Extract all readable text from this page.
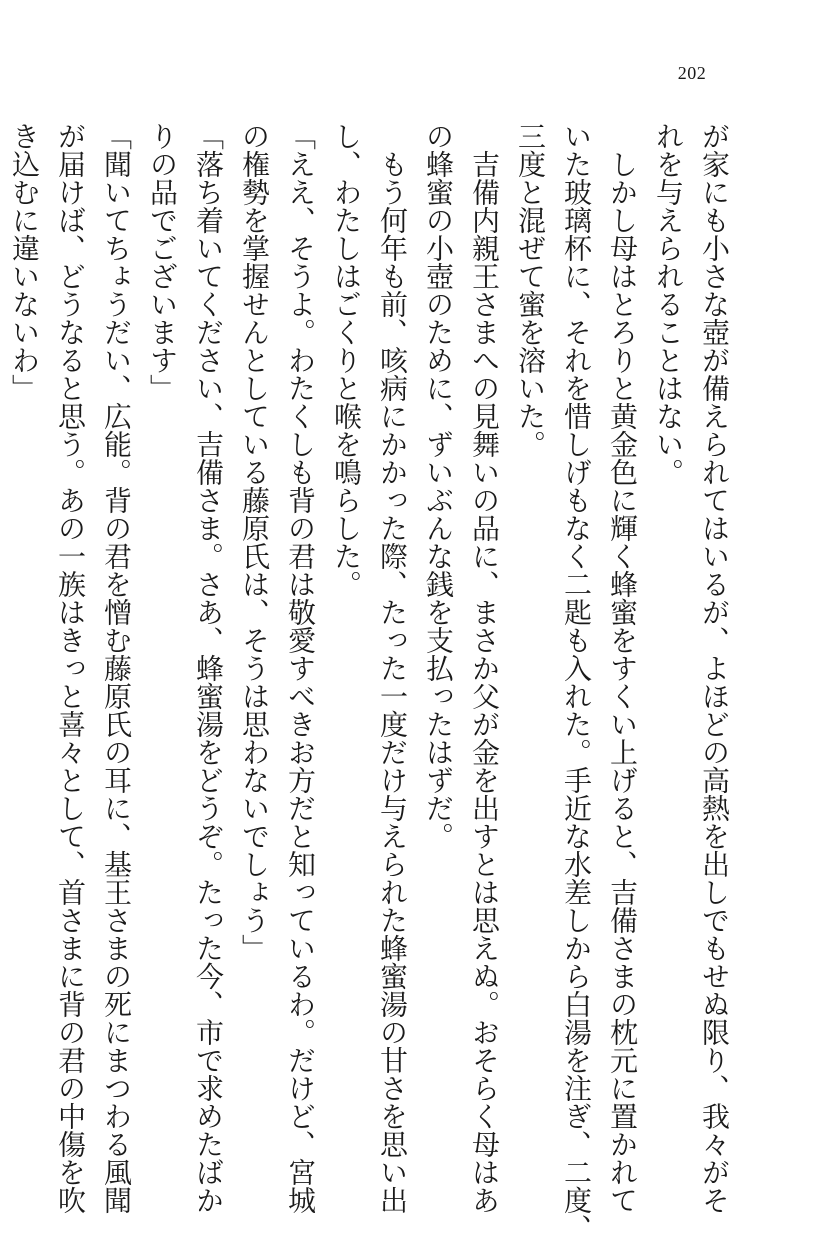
202

が家にも小さな壺が備えられてはいるが、よほどの高熱を出しでもせぬ限り、我々がそ

れを与えられることはない。

　しかし母はとろりと黄金色に輝く蜂蜜をすくい上げると、吉備さまの枕元に置かれて

いた玻璃杯に、それを惜しげもなく二匙も入れた。手近な水差しから白湯を注ぎ、二度、

三度と混ぜて蜜を溶いた。

　吉備内親王さまへの見舞いの品に、まさか父が金を出すとは思えぬ。おそらく母はあ

の蜂蜜の小壺のために、ずいぶんな銭を支払ったはずだ。

　もう何年も前、咳病にかかった際、たった一度だけ与えられた蜂蜜湯の甘さを思い出

し、わたしはごくりと喉を鳴らした。

「ええ、そうよ。わたくしも背の君は敬愛すべきお方だと知っているわ。だけど、宮城

の権勢を掌握せんとしている藤原氏は、そうは思わないでしょう」

「落ち着いてください、吉備さま。さあ、蜂蜜湯をどうぞ。たった今、市で求めたばか

りの品でございます」

「聞いてちょうだい、広能。背の君を憎む藤原氏の耳に、基王さまの死にまつわる風聞

が届けば、どうなると思う。あの一族はきっと喜々として、首さまに背の君の中傷を吹

き込むに違いないわ」
